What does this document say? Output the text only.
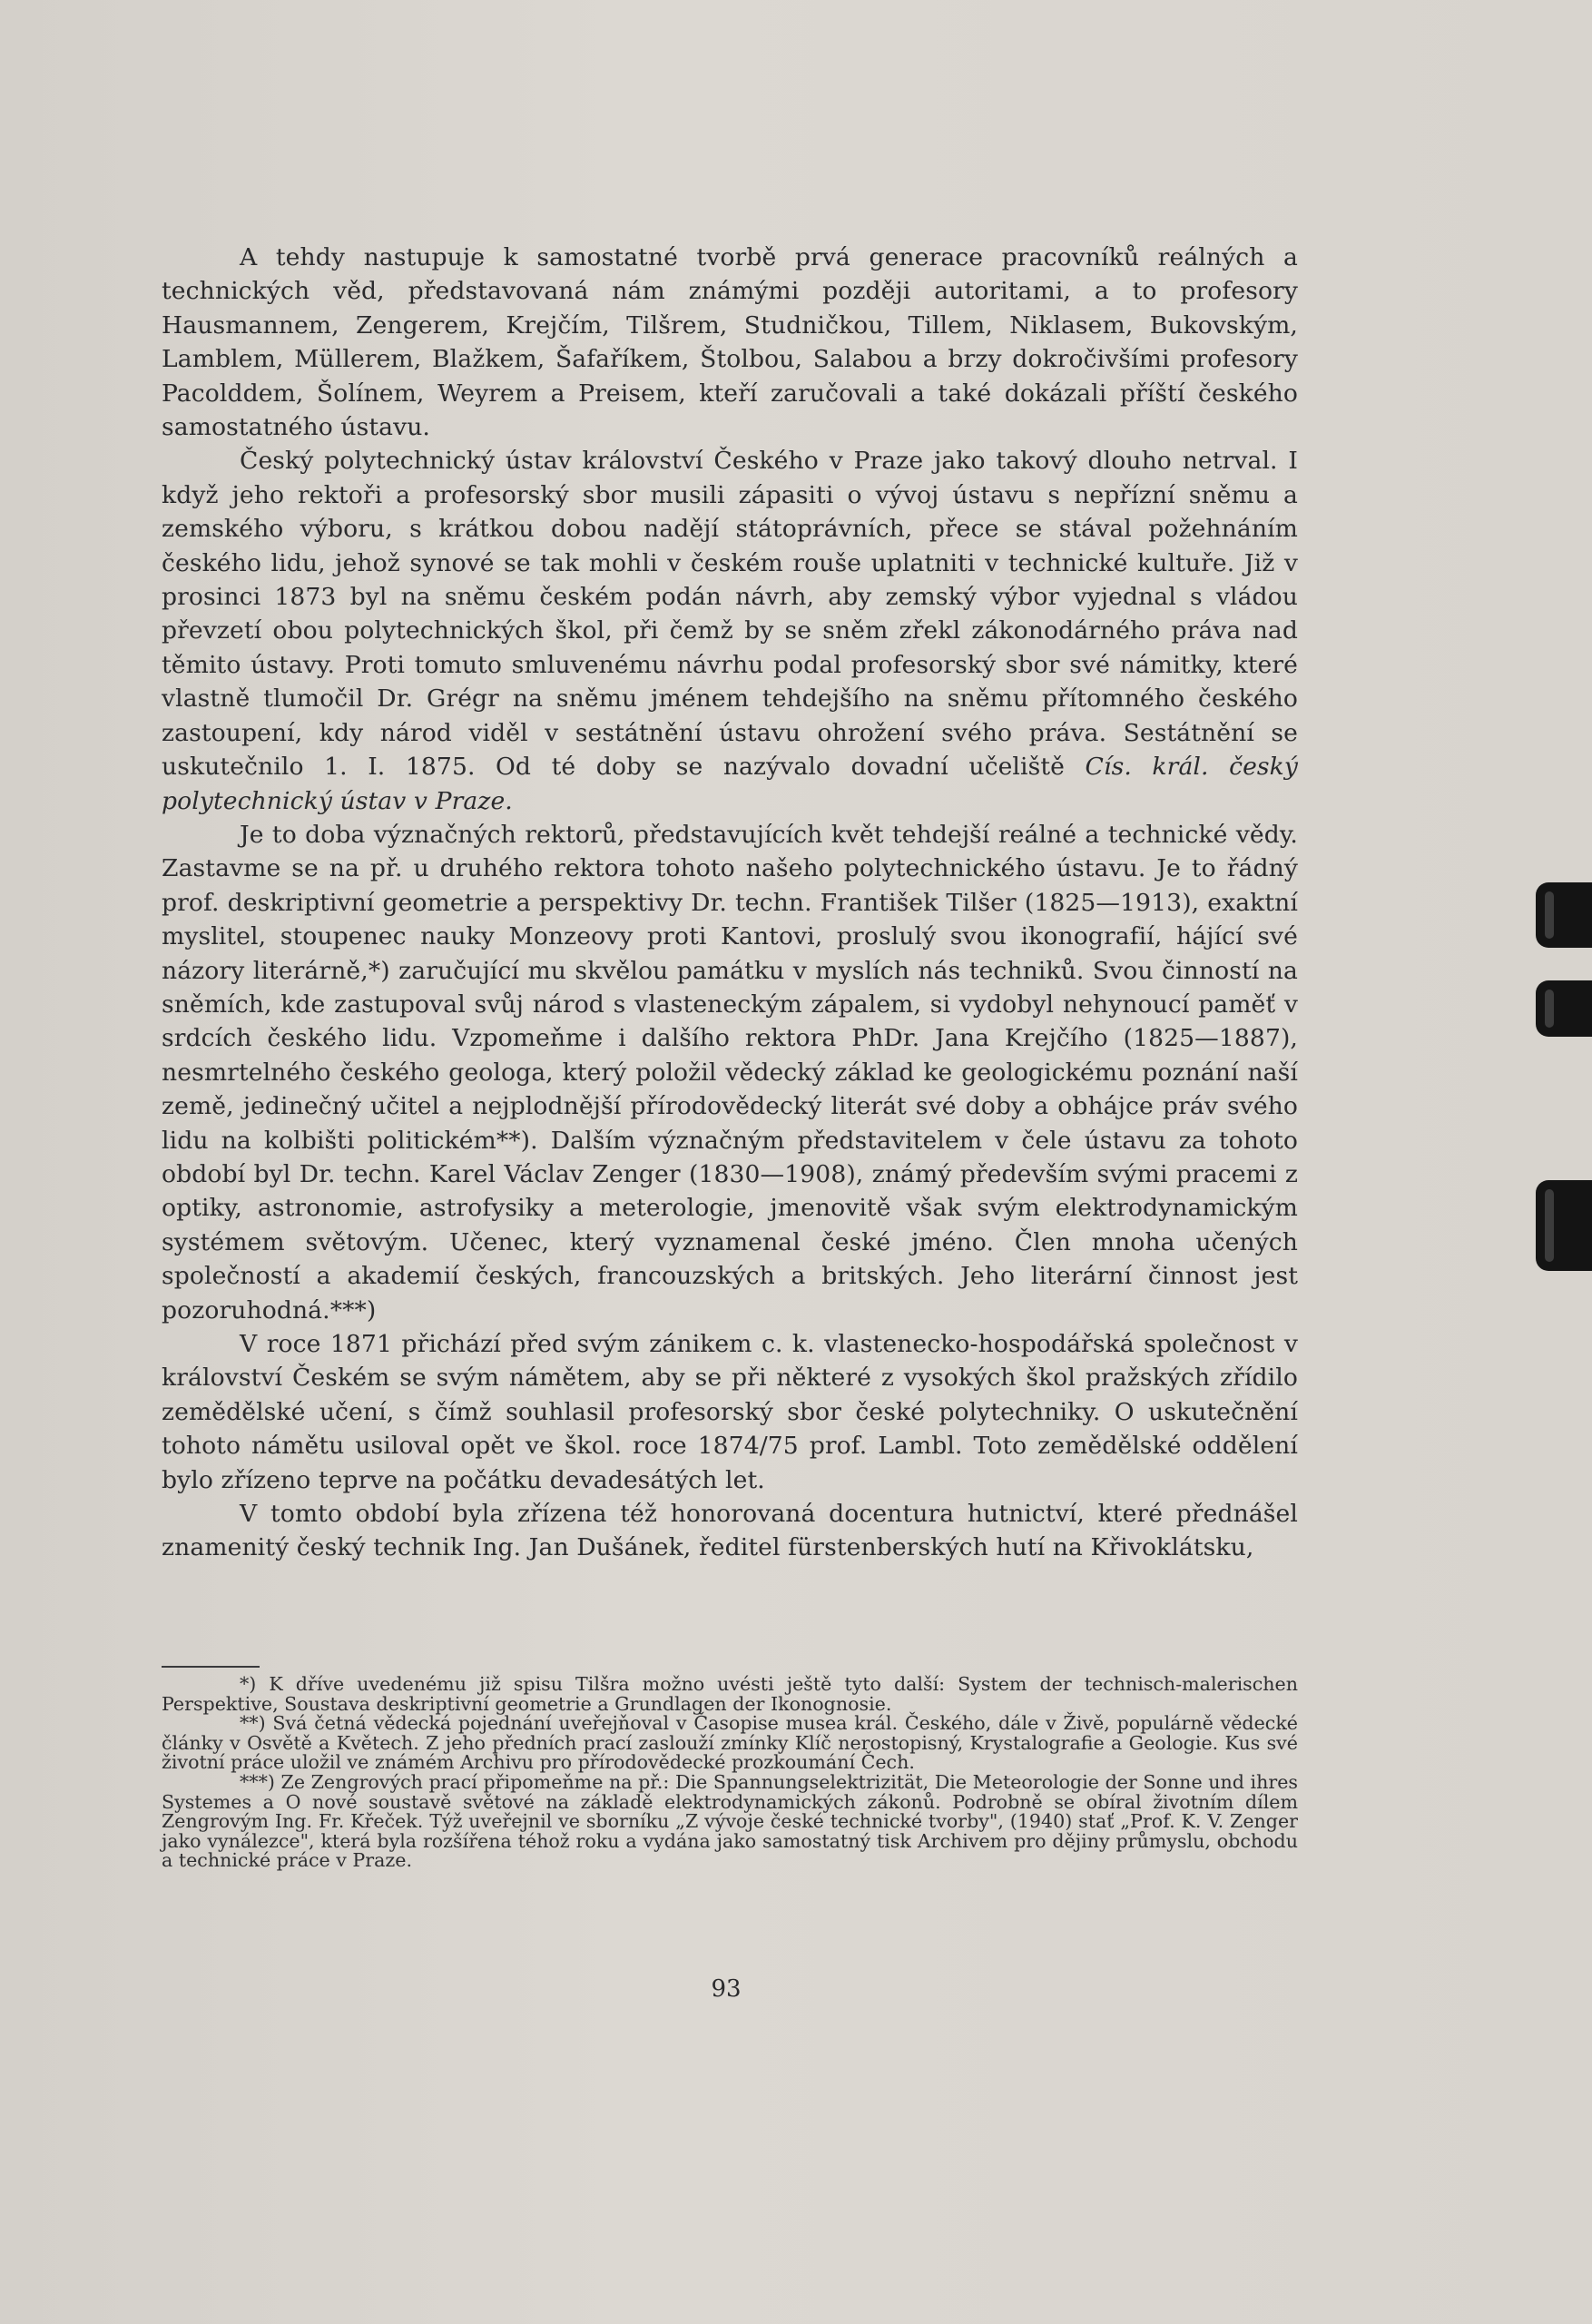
A tehdy nastupuje k samostatné tvorbě prvá generace pracovníků reálných a technických věd, představovaná nám známými později autoritami, a to profesory Hausmannem, Zengerem, Krejčím, Tilšrem, Studničkou, Tillem, Niklasem, Bukovským, Lamblem, Müllerem, Blažkem, Šafaříkem, Štolbou, Salabou a brzy dokročivšími profesory Pacolddem, Šolínem, Weyrem a Preisem, kteří zaručovali a také dokázali příští českého samostatného ústavu.

Český polytechnický ústav království Českého v Praze jako takový dlouho netrval. I když jeho rektoři a profesorský sbor musili zápasiti o vývoj ústavu s nepřízní sněmu a zemského výboru, s krátkou dobou nadějí státoprávních, přece se stával požehnáním českého lidu, jehož synové se tak mohli v českém rouše uplatniti v technické kultuře. Již v prosinci 1873 byl na sněmu českém podán návrh, aby zemský výbor vyjednal s vládou převzetí obou polytechnických škol, při čemž by se sněm zřekl zákonodárného práva nad těmito ústavy. Proti tomuto smluvenému návrhu podal profesorský sbor své námitky, které vlastně tlumočil Dr. Grégr na sněmu jménem tehdejšího na sněmu přítomného českého zastoupení, kdy národ viděl v sestátnění ústavu ohrožení svého práva. Sestátnění se uskutečnilo 1. I. 1875. Od té doby se nazývalo dovadní učeliště Cís. král. český polytechnický ústav v Praze.

Je to doba význačných rektorů, představujících květ tehdejší reálné a technické vědy. Zastavme se na př. u druhého rektora tohoto našeho polytechnického ústavu. Je to řádný prof. deskriptivní geometrie a perspektivy Dr. techn. František Tilšer (1825—1913), exaktní myslitel, stoupenec nauky Monzeovy proti Kantovi, proslulý svou ikonografií, hájící své názory literárně,*) zaručující mu skvělou památku v myslích nás techniků. Svou činností na sněmích, kde zastupoval svůj národ s vlasteneckým zápalem, si vydobyl nehynoucí paměť v srdcích českého lidu. Vzpomeňme i dalšího rektora PhDr. Jana Krejčího (1825—1887), nesmrtelného českého geologa, který položil vědecký základ ke geologickému poznání naší země, jedinečný učitel a nejplodnější přírodovědecký literát své doby a obhájce práv svého lidu na kolbišti politickém**). Dalším význačným představitelem v čele ústavu za tohoto období byl Dr. techn. Karel Václav Zenger (1830—1908), známý především svými pracemi z optiky, astronomie, astrofysiky a meterologie, jmenovitě však svým elektrodynamickým systémem světovým. Učenec, který vyznamenal české jméno. Člen mnoha učených společností a akademií českých, francouzských a britských. Jeho literární činnost jest pozoruhodná.***)

V roce 1871 přichází před svým zánikem c. k. vlastenecko-hospodářská společnost v království Českém se svým námětem, aby se při některé z vysokých škol pražských zřídilo zemědělské učení, s čímž souhlasil profesorský sbor české polytechniky. O uskutečnění tohoto námětu usiloval opět ve škol. roce 1874/75 prof. Lambl. Toto zemědělské oddělení bylo zřízeno teprve na počátku devadesátých let.

V tomto období byla zřízena též honorovaná docentura hutnictví, které přednášel znamenitý český technik Ing. Jan Dušánek, ředitel fürstenberských hutí na Křivoklátsku,

*) K dříve uvedenému již spisu Tilšra možno uvésti ještě tyto další: System der technisch-malerischen Perspektive, Soustava deskriptivní geometrie a Grundlagen der Ikonognosie.

**) Svá četná vědecká pojednání uveřejňoval v Časopise musea král. Českého, dále v Živě, populárně vědecké články v Osvětě a Květech. Z jeho předních prací zaslouží zmínky Klíč nerostopisný, Krystalografie a Geologie. Kus své životní práce uložil ve známém Archivu pro přírodovědecké prozkoumání Čech.

***) Ze Zengrových prací připomeňme na př.: Die Spannungselektrizität, Die Meteorologie der Sonne und ihres Systemes a O nové soustavě světové na základě elektrodynamických zákonů. Podrobně se obíral životním dílem Zengrovým Ing. Fr. Křeček. Týž uveřejnil ve sborníku „Z vývoje české technické tvorby", (1940) stať „Prof. K. V. Zenger jako vynálezce", která byla rozšířena téhož roku a vydána jako samostatný tisk Archivem pro dějiny průmyslu, obchodu a technické práce v Praze.

93
